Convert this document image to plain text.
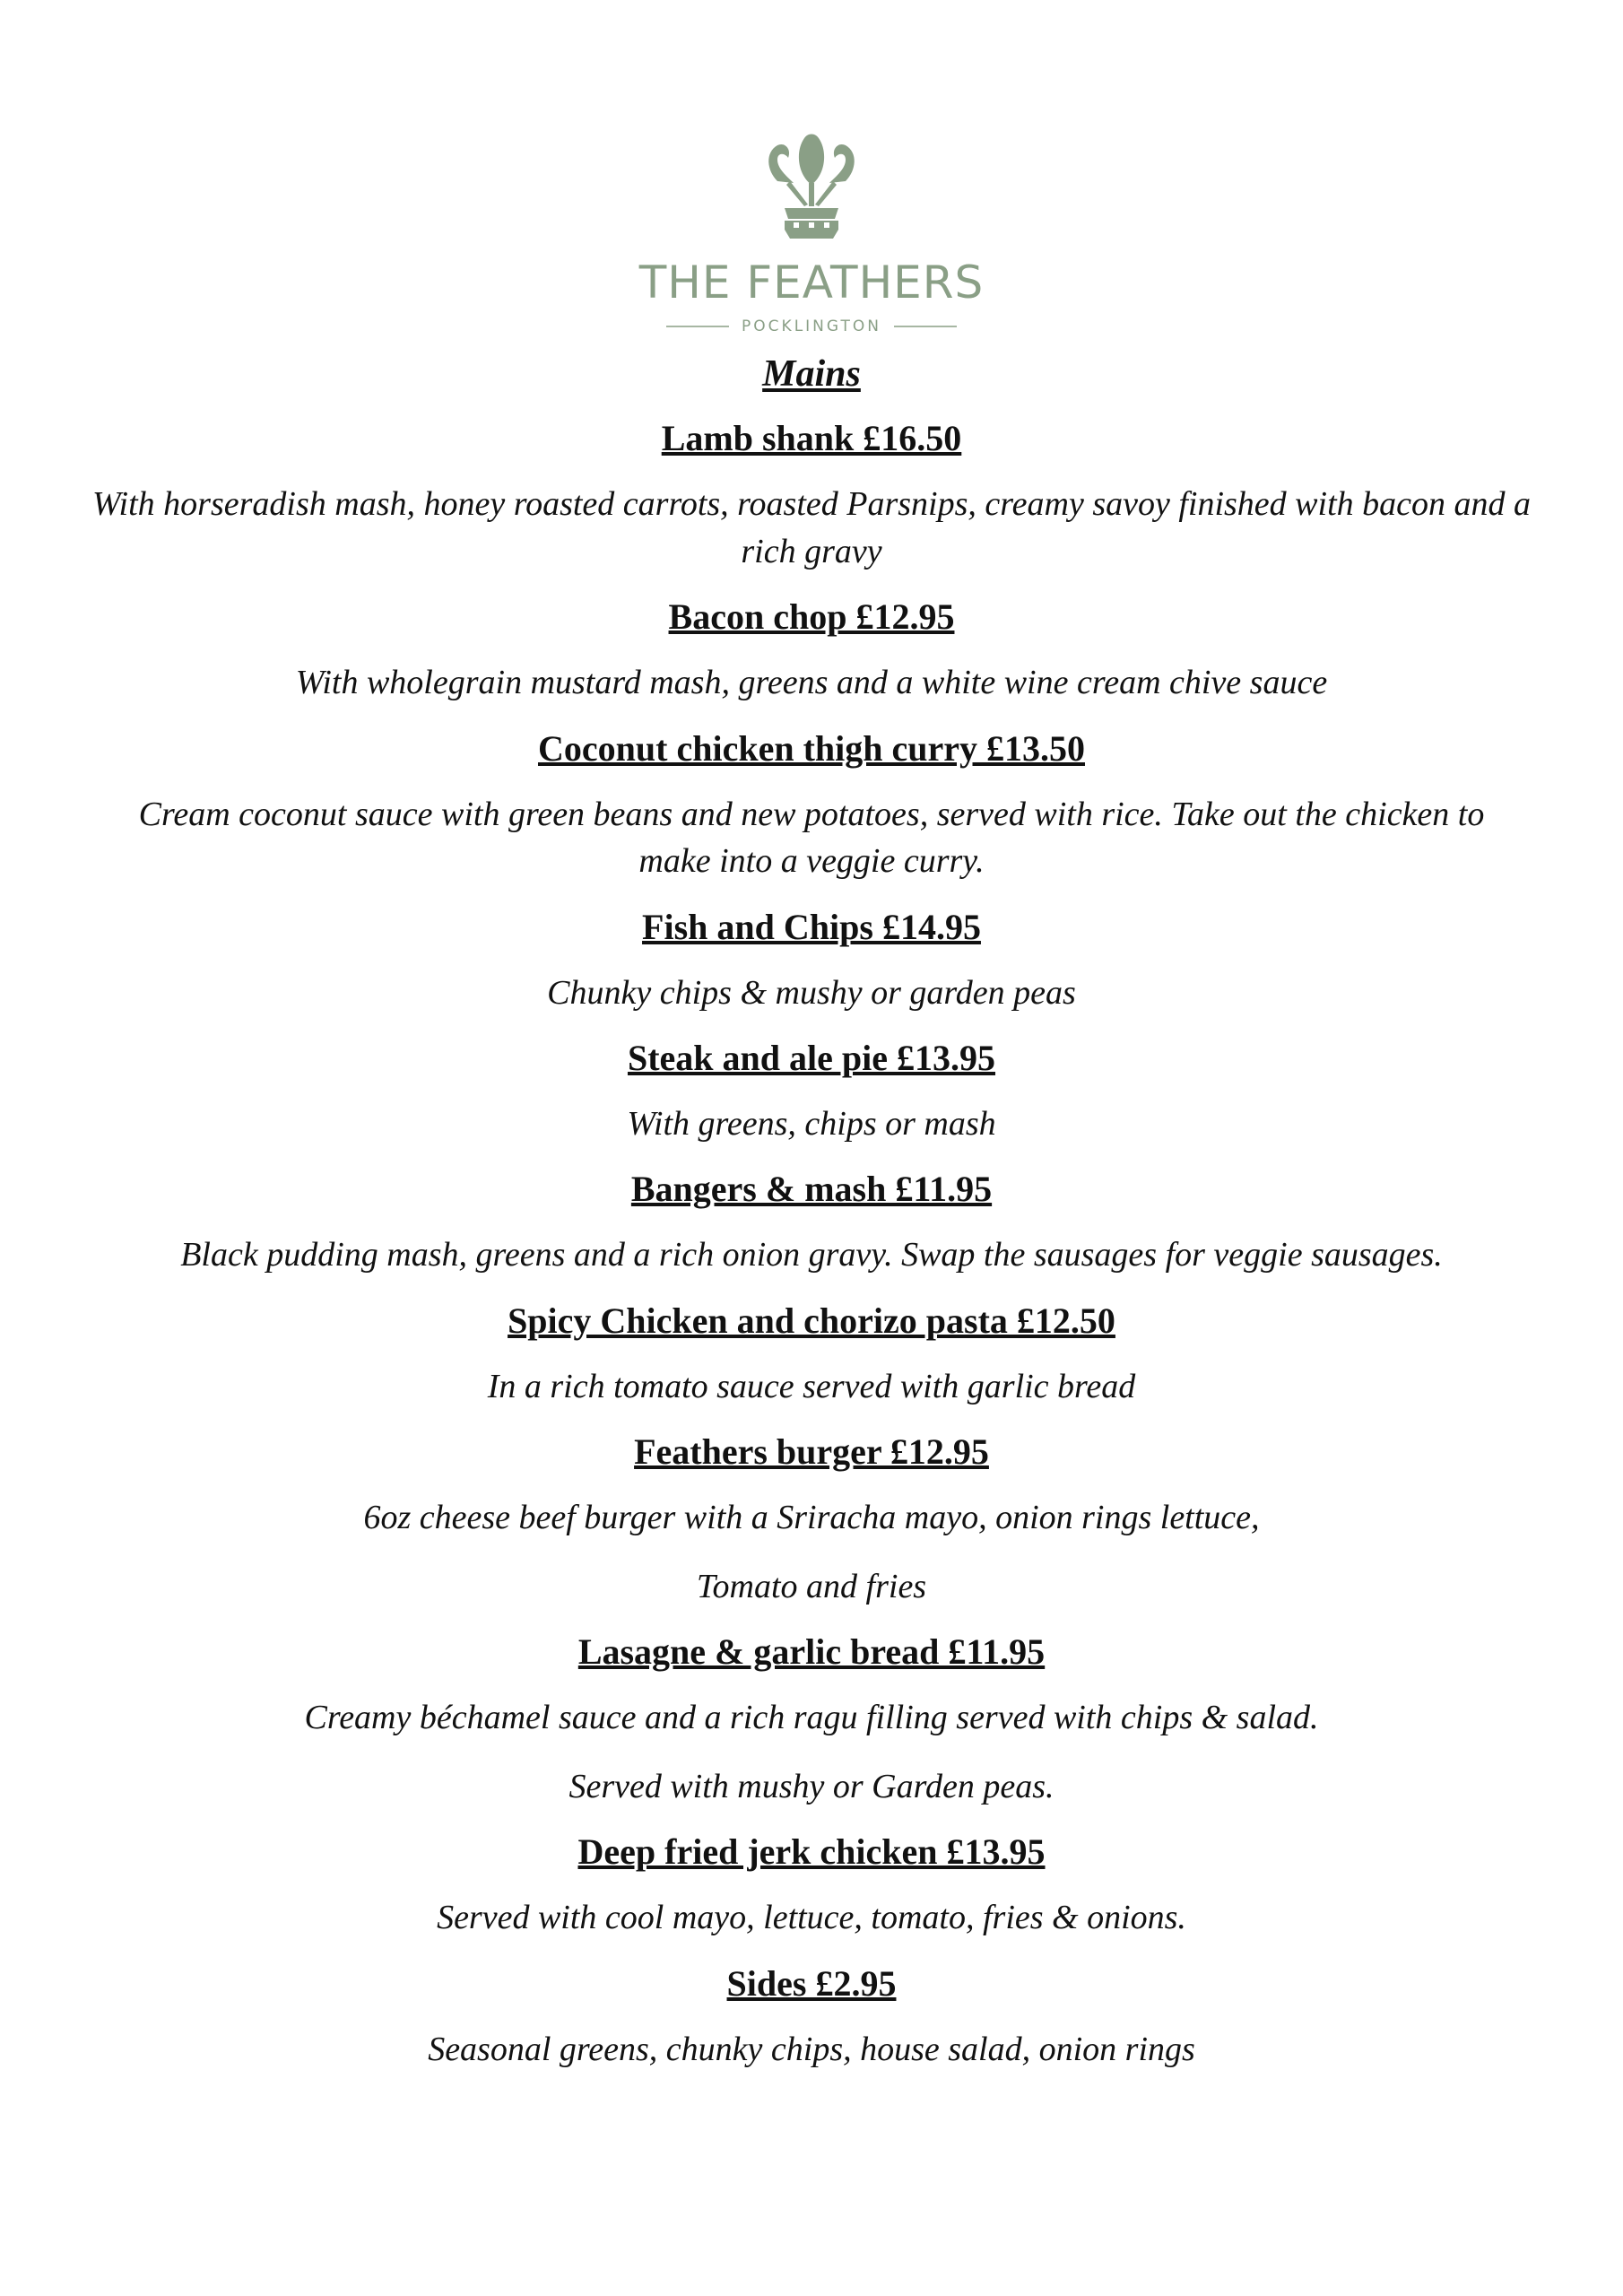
THE FEATHERS
POCKLINGTON
Mains
Lamb shank £16.50

With horseradish mash, honey roasted carrots, roasted Parsnips, creamy savoy finished with bacon and a rich gravy

Bacon chop £12.95

With wholegrain mustard mash, greens and a white wine cream chive sauce

Coconut chicken thigh curry £13.50

Cream coconut sauce with green beans and new potatoes, served with rice. Take out the chicken to make into a veggie curry.

Fish and Chips £14.95

Chunky chips & mushy or garden peas

Steak and ale pie £13.95

With greens, chips or mash

Bangers & mash £11.95

Black pudding mash, greens and a rich onion gravy. Swap the sausages for veggie sausages.

Spicy Chicken and chorizo pasta £12.50

In a rich tomato sauce served with garlic bread

Feathers burger £12.95

6oz cheese beef burger with a Sriracha mayo, onion rings lettuce,

Tomato and fries

Lasagne & garlic bread £11.95

Creamy béchamel sauce and a rich ragu filling served with chips & salad.

Served with mushy or Garden peas.

Deep fried jerk chicken £13.95

Served with cool mayo, lettuce, tomato, fries & onions.

Sides £2.95

Seasonal greens, chunky chips, house salad, onion rings
